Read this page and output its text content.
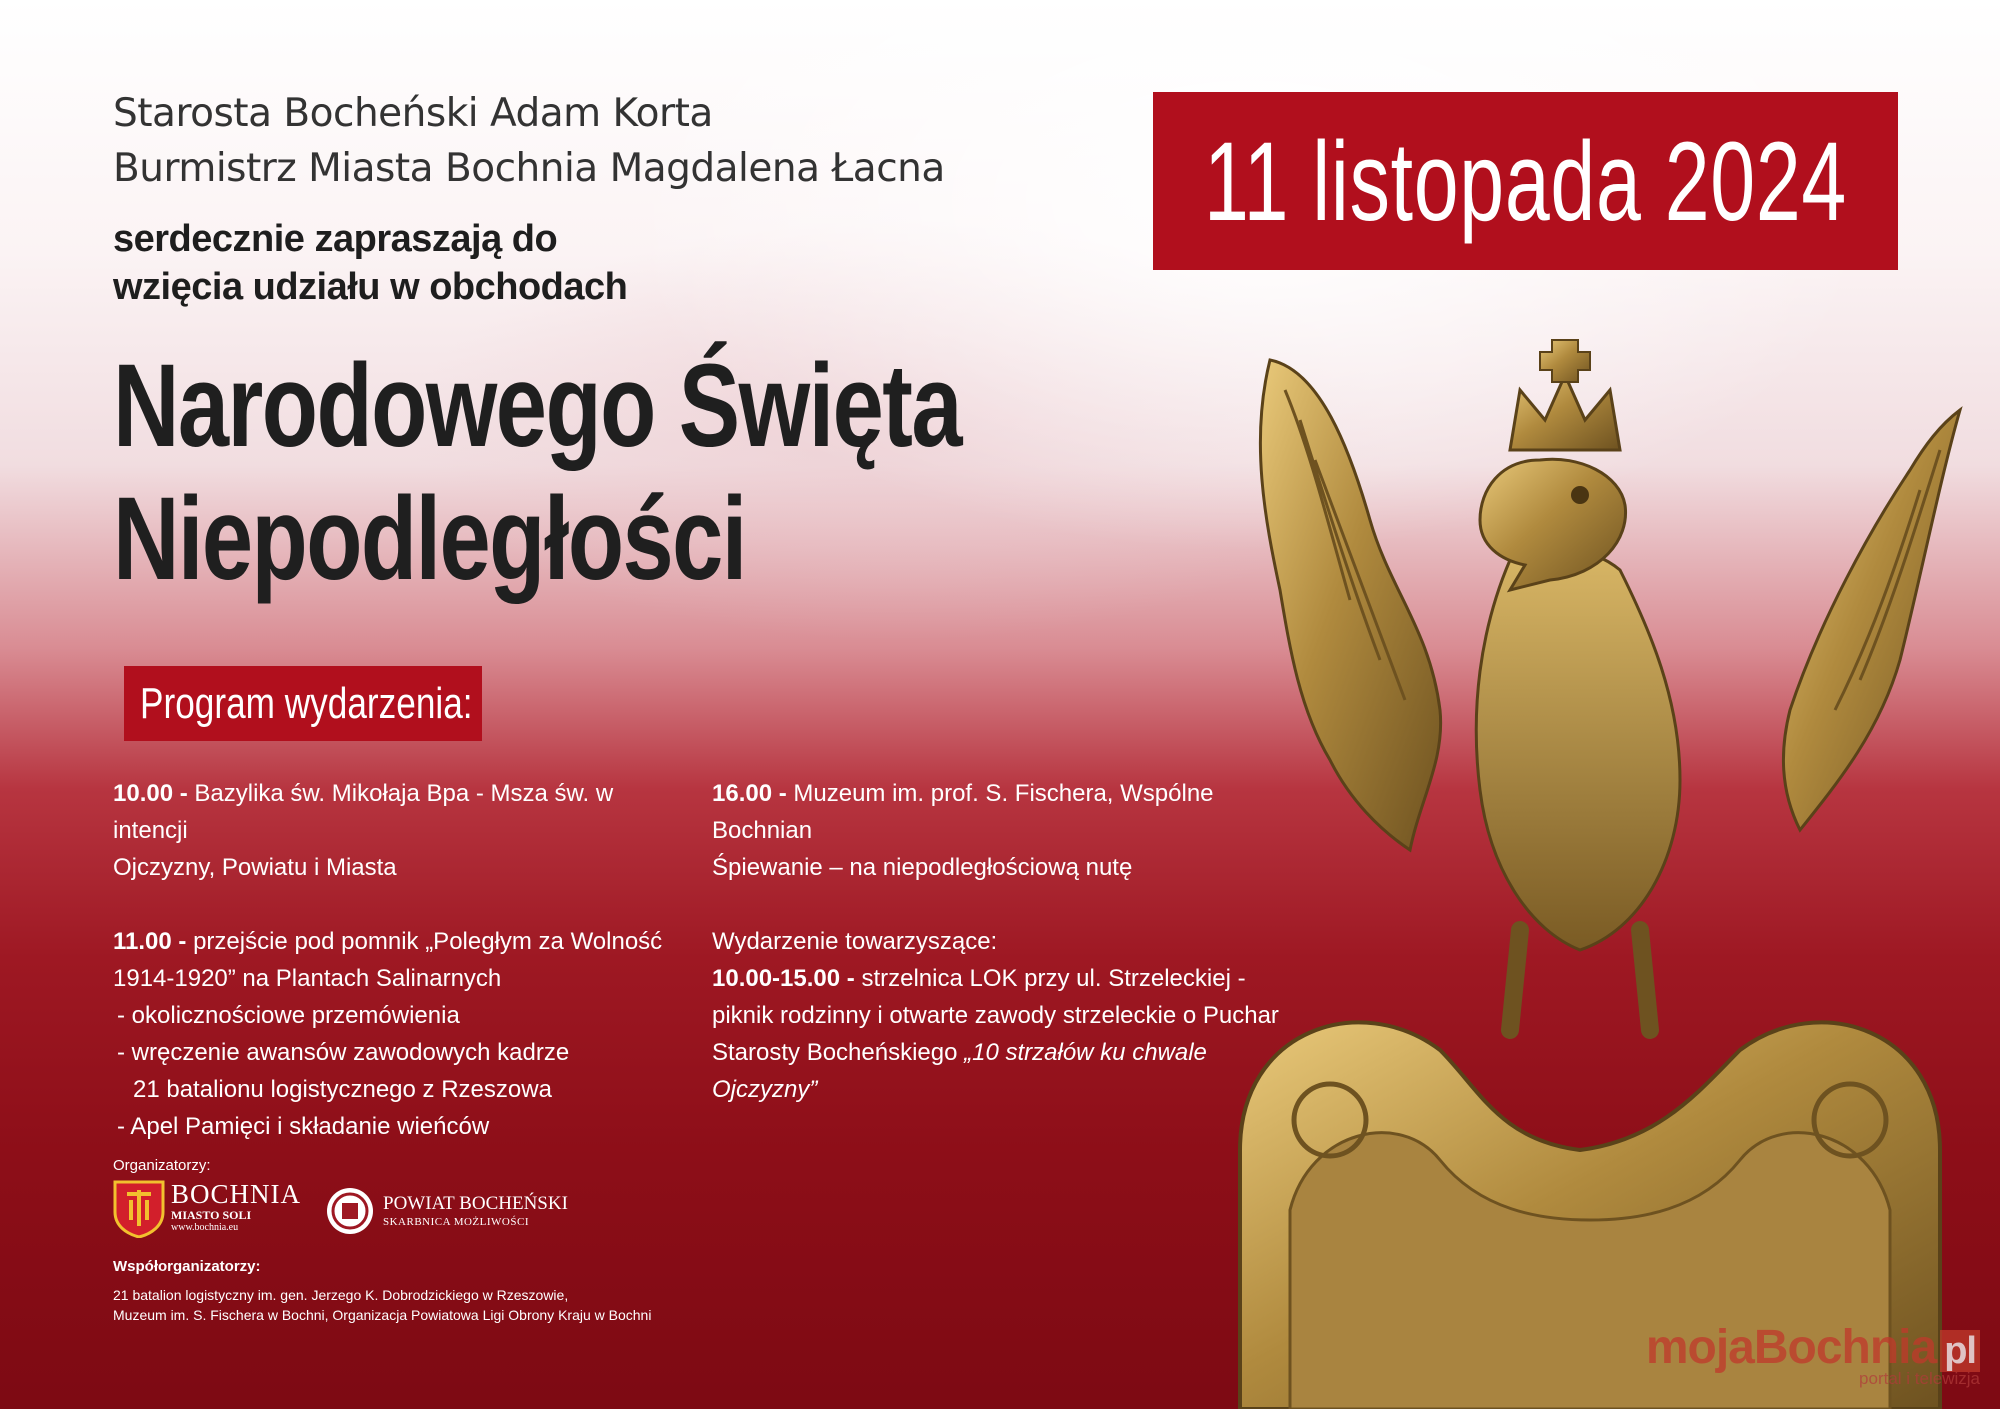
Starosta Bocheński Adam Korta
Burmistrz Miasta Bochnia Magdalena Łacna
serdecznie zapraszają do
wzięcia udziału w obchodach
Narodowego Święta
Niepodległości
11 listopada 2024
Program wydarzenia:
10.00 - Bazylika św. Mikołaja Bpa - Msza św. w intencji
Ojczyzny, Powiatu i Miasta
11.00 - przejście pod pomnik „Poległym za Wolność
1914-1920” na Plantach Salinarnych
- okolicznościowe przemówienia
- wręczenie awansów zawodowych kadrze
21 batalionu logistycznego z Rzeszowa
- Apel Pamięci i składanie wieńców
16.00 - Muzeum im. prof. S. Fischera, Wspólne Bochnian
Śpiewanie – na niepodległościową nutę
Wydarzenie towarzyszące:
10.00-15.00 - strzelnica LOK przy ul. Strzeleckiej -
piknik rodzinny i otwarte zawody strzeleckie o Puchar
Starosty Bocheńskiego „10 strzałów ku chwale Ojczyzny”
Organizatorzy:
BOCHNIA
MIASTO SOLI
www.bochnia.eu
POWIAT BOCHEŃSKI
SKARBNICA MOŻLIWOŚCI
Współorganizatorzy:
21 batalion logistyczny im. gen. Jerzego K. Dobrodzickiego w Rzeszowie,
Muzeum im. S. Fischera w Bochni, Organizacja Powiatowa Ligi Obrony Kraju w Bochni
mojaBochnia pl
portal i telewizja
